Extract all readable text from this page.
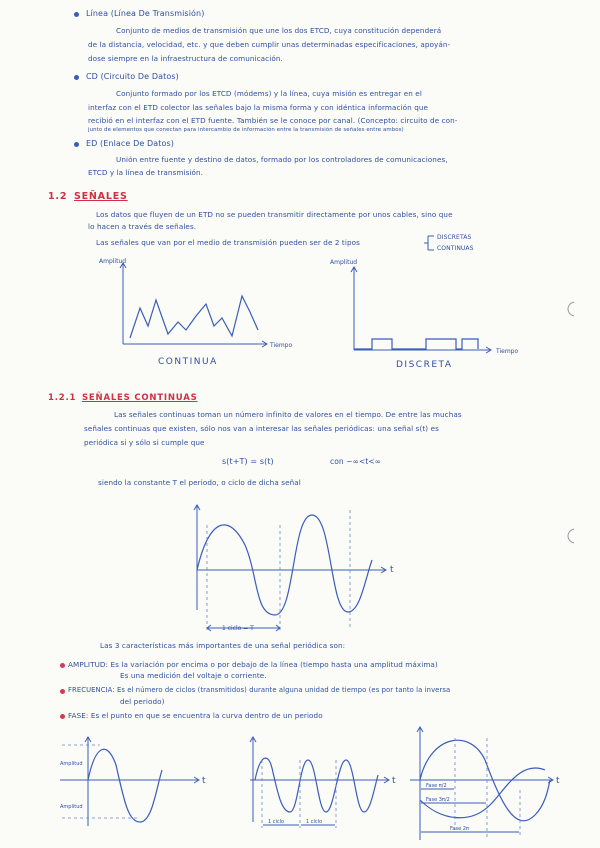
Línea (Línea De Transmisión)
Conjunto de medios de transmisión que une los dos ETCD, cuya constitución dependerá
de la distancia, velocidad, etc. y que deben cumplir unas determinadas especificaciones, apoyán-
dose siempre en la infraestructura de comunicación.
CD (Circuito De Datos)
Conjunto formado por los ETCD (módems) y la línea, cuya misión es entregar en el
interfaz con el ETD colector las señales bajo la misma forma y con idéntica información que
recibió en el interfaz con el ETD fuente. También se le conoce por canal. (Concepto: circuito de con-
junto de elementos que conectan para intercambio de información entre la transmisión de señales entre ambos)
ED (Enlace De Datos)
Unión entre fuente y destino de datos, formado por los controladores de comunicaciones,
ETCD y la línea de transmisión.
1.2 SEÑALES
Los datos que fluyen de un ETD no se pueden transmitir directamente por unos cables, sino que
lo hacen a través de señales.
Las señales que van por el medio de transmisión pueden ser de 2 tipos
DISCRETAS
CONTINUAS
1.2.1 SEÑALES CONTINUAS
Las señales continuas toman un número infinito de valores en el tiempo. De entre las muchas
señales continuas que existen, sólo nos van a interesar las señales periódicas: una señal s(t) es
periódica si y sólo si cumple que
s(t+T) = s(t)	con −∞<t<∞
siendo la constante T el periodo, o ciclo de dicha señal
Las 3 características más importantes de una señal periódica son:
AMPLITUD: Es la variación por encima o por debajo de la línea (tiempo hasta una amplitud máxima)
Es una medición del voltaje o corriente.
FRECUENCIA: Es el número de ciclos (transmitidos) durante alguna unidad de tiempo (es por tanto la inversa
del periodo)
FASE: Es el punto en que se encuentra la curva dentro de un periodo
Amplitud
Tiempo
CONTINUA
Amplitud
Tiempo
DISCRETA
t
1 ciclo = T
Amplitud
Amplitud
t
1 ciclo	1 ciclo
t	Fase π/2
Fase 3π/2
Fase 2π
t
